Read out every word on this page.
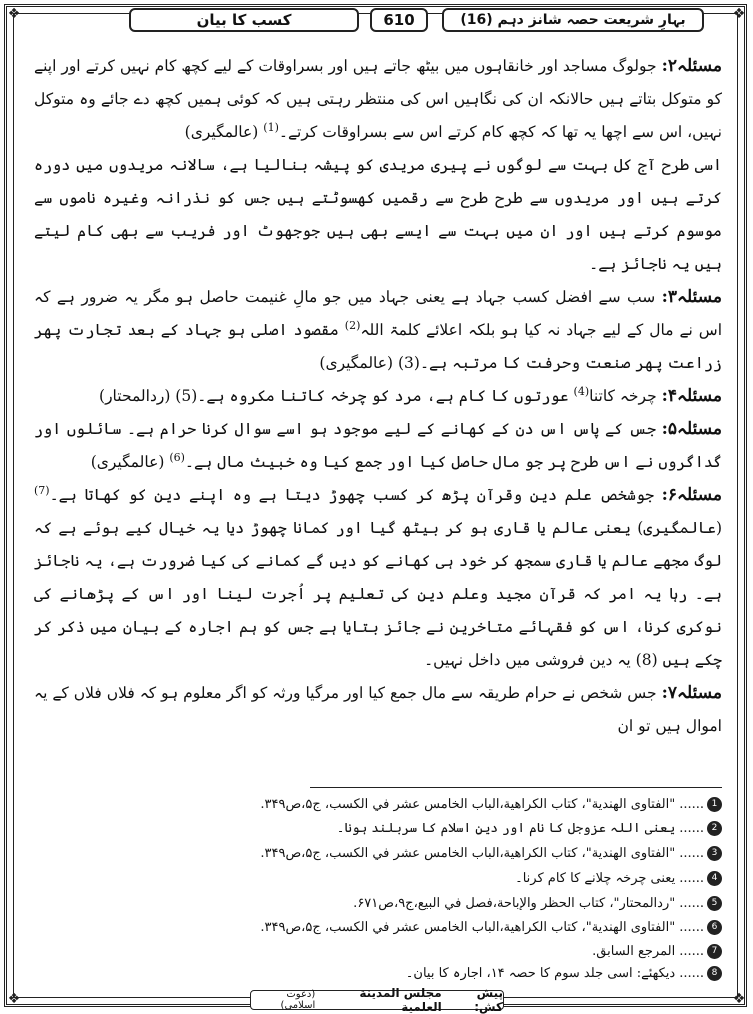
❖	❖
❖	❖
کسب کا بیان	610	بہارِ شریعت حصہ شانز دہم (16)

مسئلہ۲: جولوگ مساجد اور خانقاہوں میں بیٹھ جاتے ہیں اور بسراوقات کے لیے کچھ کام نہیں کرتے اور اپنے کو متوکل بتاتے ہیں حالانکہ ان کی نگاہیں اس کی منتظر رہتی ہیں کہ کوئی ہمیں کچھ دے جائے وہ متوکل نہیں، اس سے اچھا یہ تھا کہ کچھ کام کرتے اس سے بسراوقات کرتے۔$^{(1)}$ (عالمگیری)

اسی طرح آج کل بہت سے لوگوں نے پیری مریدی کو پیشہ بنالیا ہے، سالانہ مریدوں میں دورہ کرتے ہیں اور مریدوں سے طرح طرح سے رقمیں کھسوٹتے ہیں جس کو نذرانہ وغیرہ ناموں سے موسوم کرتے ہیں اور ان میں بہت سے ایسے بھی ہیں جوجھوٹ اور فریب سے بھی کام لیتے ہیں یہ ناجائز ہے۔

مسئلہ۳: سب سے افضل کسب جہاد ہے یعنی جہاد میں جو مالِ غنیمت حاصل ہو مگر یہ ضرور ہے کہ اس نے مال کے لیے جہاد نہ کیا ہو بلکہ اعلائے کلمۃ اللہ$^{(2)}$ مقصود اصلی ہو جہاد کے بعد تجارت پھر زراعت پھر صنعت وحرفت کا مرتبہ ہے۔(3) (عالمگیری)

مسئلہ۴: چرخہ کاتنا$^{(4)}$ عورتوں کا کام ہے، مرد کو چرخہ کاتنا مکروہ ہے۔(5) (ردالمحتار)

مسئلہ۵: جس کے پاس اس دن کے کھانے کے لیے موجود ہو اسے سوال کرنا حرام ہے۔ سائلوں اور گداگروں نے اس طرح پر جو مال حاصل کیا اور جمع کیا وہ خبیث مال ہے۔$^{(6)}$ (عالمگیری)

مسئلہ۶: جوشخص علم دین وقرآن پڑھ کر کسب چھوڑ دیتا ہے وہ اپنے دین کو کھاتا ہے۔$^{(7)}$ (عالمگیری) یعنی عالم یا قاری ہو کر بیٹھ گیا اور کمانا چھوڑ دیا یہ خیال کیے ہوئے ہے کہ لوگ مجھے عالم یا قاری سمجھ کر خود ہی کھانے کو دیں گے کمانے کی کیا ضرورت ہے، یہ ناجائز ہے۔ رہا یہ امر کہ قرآن مجید وعلم دین کی تعلیم پر اُجرت لینا اور اس کے پڑھانے کی نوکری کرنا، اس کو فقہائے متاخرین نے جائز بتایا ہے جس کو ہم اجارہ کے بیان میں ذکر کر چکے ہیں (8) یہ دین فروشی میں داخل نہیں۔

مسئلہ۷: جس شخص نے حرام طریقہ سے مال جمع کیا اور مرگیا ورثہ کو اگر معلوم ہو کہ فلاں فلاں کے یہ اموال ہیں تو ان

1......"الفتاوی الهندية"، کتاب الکراهية،الباب الخامس عشر في الکسب، ج۵،ص۳۴۹.
2......یعنی اللہ عزوجل کا نام اور دینِ اسلام کا سربلند ہونا۔
3......"الفتاوی الهندية"، کتاب الکراهية،الباب الخامس عشر في الکسب، ج۵،ص۳۴۹.
4......یعنی چرخہ چلانے کا کام کرنا۔
5......"ردالمحتار"، کتاب الحظر والإباحة،فصل في البيع،ج۹،ص۶۷۱.
6......"الفتاوی الهندية"، کتاب الکراهية،الباب الخامس عشر في الکسب، ج۵،ص۳۴۹.
7......المرجع السابق.
8......دیکھئے: اسی جلد سوم کا حصہ ۱۴، اجارہ کا بیان۔
پیش کش:

مجلس المدينة العلمية

(دعوت اسلامی)
